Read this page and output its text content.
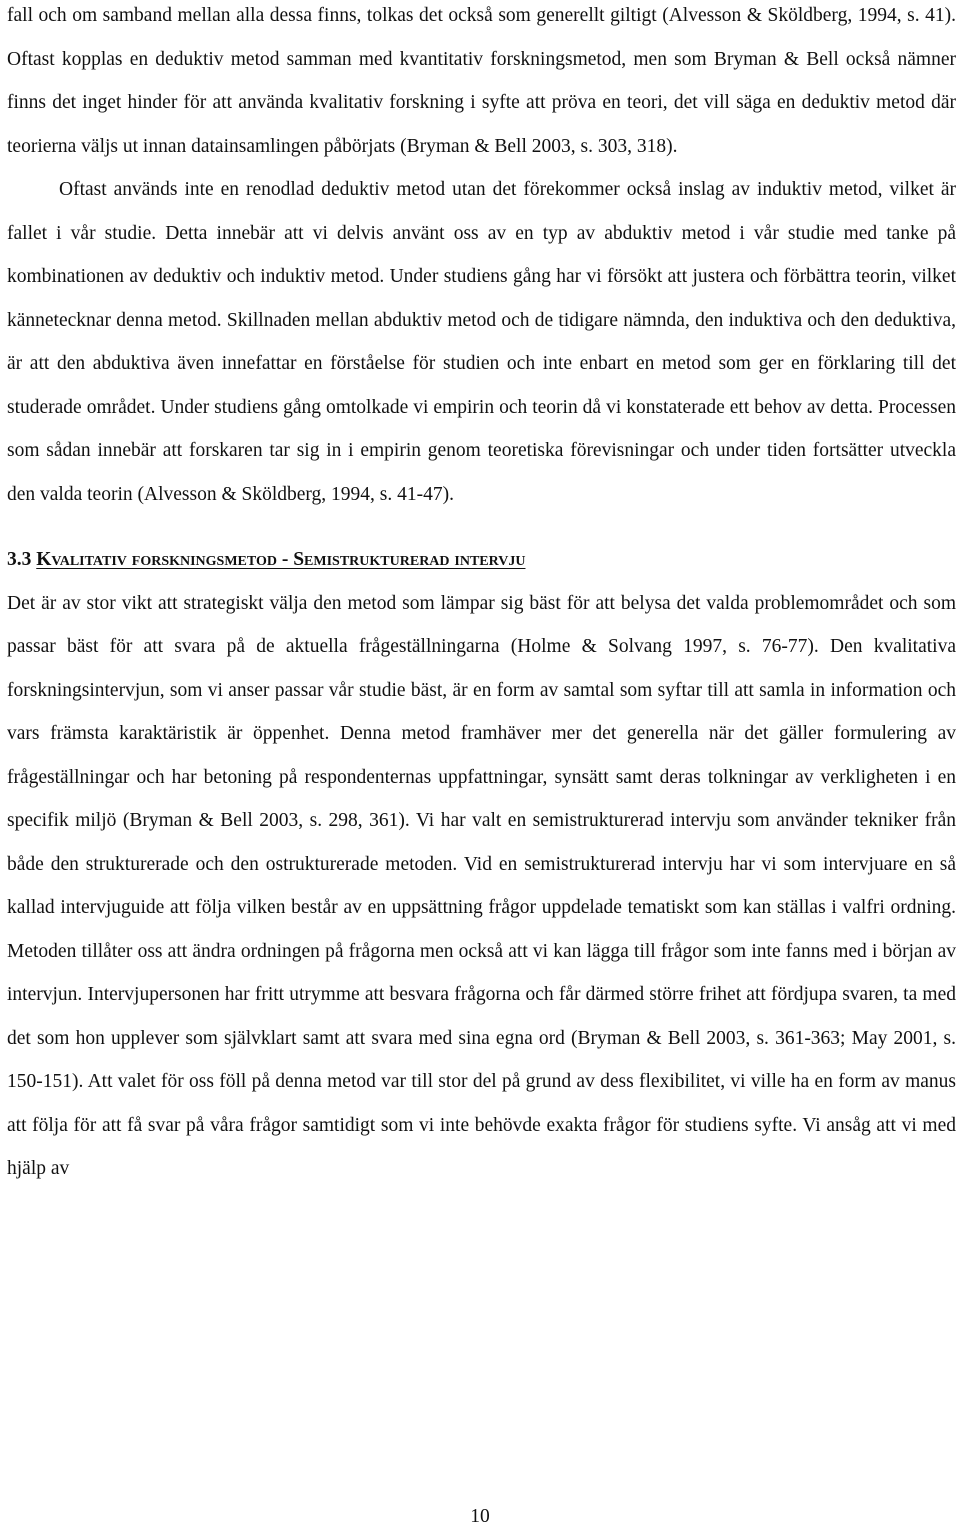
fall och om samband mellan alla dessa finns, tolkas det också som generellt giltigt (Alvesson & Sköldberg, 1994, s. 41). Oftast kopplas en deduktiv metod samman med kvantitativ forskningsmetod, men som Bryman & Bell också nämner finns det inget hinder för att använda kvalitativ forskning i syfte att pröva en teori, det vill säga en deduktiv metod där teorierna väljs ut innan datainsamlingen påbörjats (Bryman & Bell 2003, s. 303, 318).

Oftast används inte en renodlad deduktiv metod utan det förekommer också inslag av induktiv metod, vilket är fallet i vår studie. Detta innebär att vi delvis använt oss av en typ av abduktiv metod i vår studie med tanke på kombinationen av deduktiv och induktiv metod. Under studiens gång har vi försökt att justera och förbättra teorin, vilket kännetecknar denna metod. Skillnaden mellan abduktiv metod och de tidigare nämnda, den induktiva och den deduktiva, är att den abduktiva även innefattar en förståelse för studien och inte enbart en metod som ger en förklaring till det studerade området. Under studiens gång omtolkade vi empirin och teorin då vi konstaterade ett behov av detta. Processen som sådan innebär att forskaren tar sig in i empirin genom teoretiska förevisningar och under tiden fortsätter utveckla den valda teorin (Alvesson & Sköldberg, 1994, s. 41-47).

3.3 Kvalitativ forskningsmetod - Semistrukturerad intervju

Det är av stor vikt att strategiskt välja den metod som lämpar sig bäst för att belysa det valda problemområdet och som passar bäst för att svara på de aktuella frågeställningarna (Holme & Solvang 1997, s. 76-77). Den kvalitativa forskningsintervjun, som vi anser passar vår studie bäst, är en form av samtal som syftar till att samla in information och vars främsta karaktäristik är öppenhet. Denna metod framhäver mer det generella när det gäller formulering av frågeställningar och har betoning på respondenternas uppfattningar, synsätt samt deras tolkningar av verkligheten i en specifik miljö (Bryman & Bell 2003, s. 298, 361). Vi har valt en semistrukturerad intervju som använder tekniker från både den strukturerade och den ostrukturerade metoden. Vid en semistrukturerad intervju har vi som intervjuare en så kallad intervjuguide att följa vilken består av en uppsättning frågor uppdelade tematiskt som kan ställas i valfri ordning. Metoden tillåter oss att ändra ordningen på frågorna men också att vi kan lägga till frågor som inte fanns med i början av intervjun. Intervjupersonen har fritt utrymme att besvara frågorna och får därmed större frihet att fördjupa svaren, ta med det som hon upplever som självklart samt att svara med sina egna ord (Bryman & Bell 2003, s. 361-363; May 2001, s. 150-151). Att valet för oss föll på denna metod var till stor del på grund av dess flexibilitet, vi ville ha en form av manus att följa för att få svar på våra frågor samtidigt som vi inte behövde exakta frågor för studiens syfte. Vi ansåg att vi med hjälp av

10
